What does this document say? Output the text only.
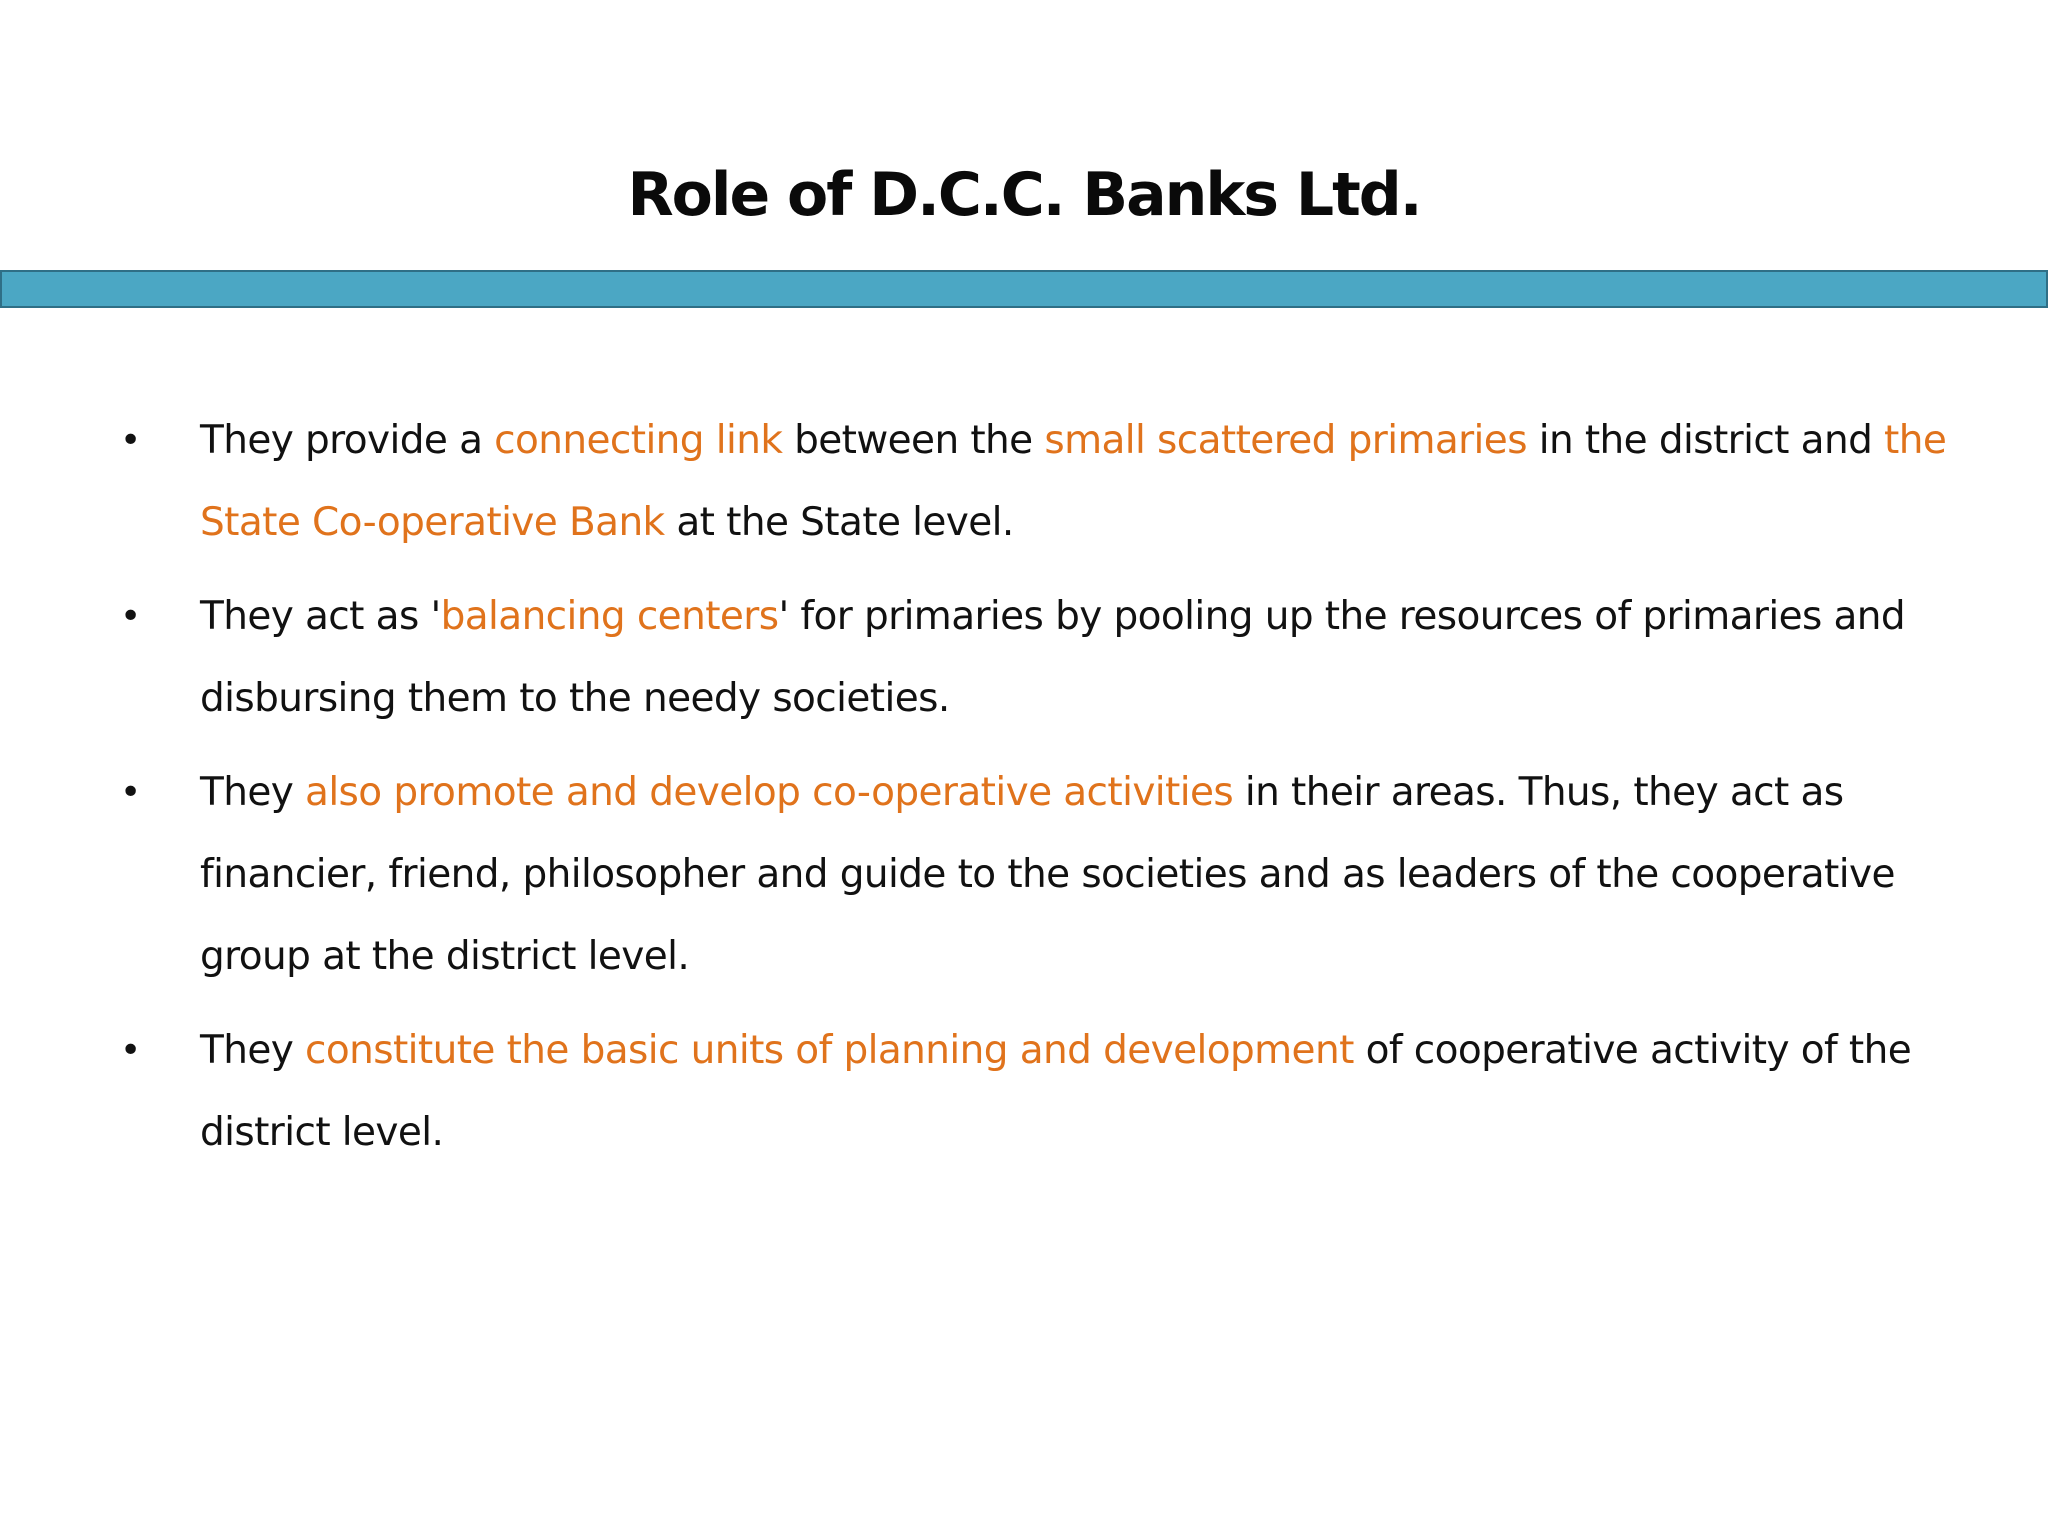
Role of D.C.C. Banks Ltd.
• They provide a connecting link between the small scattered primaries in the district and the State Co-operative Bank at the State level.
• They act as 'balancing centers' for primaries by pooling up the resources of primaries and disbursing them to the needy societies.
• They also promote and develop co-operative activities in their areas. Thus, they act as financier, friend, philosopher and guide to the societies and as leaders of the cooperative group at the district level.
• They constitute the basic units of planning and development of cooperative activity of the district level.
